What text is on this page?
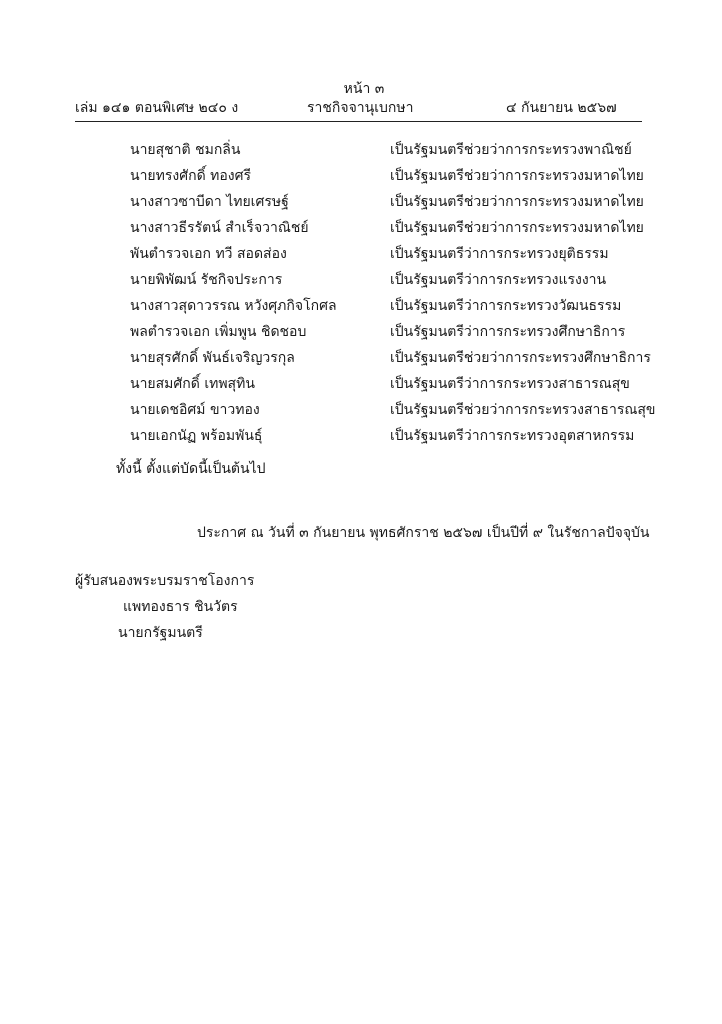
หน้า ๓
เล่ม ๑๔๑ ตอนพิเศษ ๒๔๐ ง	ราชกิจจานุเบกษา	๔ กันยายน ๒๕๖๗
นายสุชาติ ชมกลิ่น	เป็นรัฐมนตรีช่วยว่าการกระทรวงพาณิชย์
นายทรงศักดิ์ ทองศรี	เป็นรัฐมนตรีช่วยว่าการกระทรวงมหาดไทย
นางสาวซาบีดา ไทยเศรษฐ์	เป็นรัฐมนตรีช่วยว่าการกระทรวงมหาดไทย
นางสาวธีรรัตน์ สำเร็จวาณิชย์	เป็นรัฐมนตรีช่วยว่าการกระทรวงมหาดไทย
พันตำรวจเอก ทวี สอดส่อง	เป็นรัฐมนตรีว่าการกระทรวงยุติธรรม
นายพิพัฒน์ รัชกิจประการ	เป็นรัฐมนตรีว่าการกระทรวงแรงงาน
นางสาวสุดาวรรณ หวังศุภกิจโกศล	เป็นรัฐมนตรีว่าการกระทรวงวัฒนธรรม
พลตำรวจเอก เพิ่มพูน ชิดชอบ	เป็นรัฐมนตรีว่าการกระทรวงศึกษาธิการ
นายสุรศักดิ์ พันธ์เจริญวรกุล	เป็นรัฐมนตรีช่วยว่าการกระทรวงศึกษาธิการ
นายสมศักดิ์ เทพสุทิน	เป็นรัฐมนตรีว่าการกระทรวงสาธารณสุข
นายเดชอิศม์ ขาวทอง	เป็นรัฐมนตรีช่วยว่าการกระทรวงสาธารณสุข
นายเอกนัฏ พร้อมพันธุ์	เป็นรัฐมนตรีว่าการกระทรวงอุตสาหกรรม
ทั้งนี้ ตั้งแต่บัดนี้เป็นต้นไป
ประกาศ ณ วันที่ ๓ กันยายน พุทธศักราช ๒๕๖๗ เป็นปีที่ ๙ ในรัชกาลปัจจุบัน
ผู้รับสนองพระบรมราชโองการ
แพทองธาร ชินวัตร
นายกรัฐมนตรี
